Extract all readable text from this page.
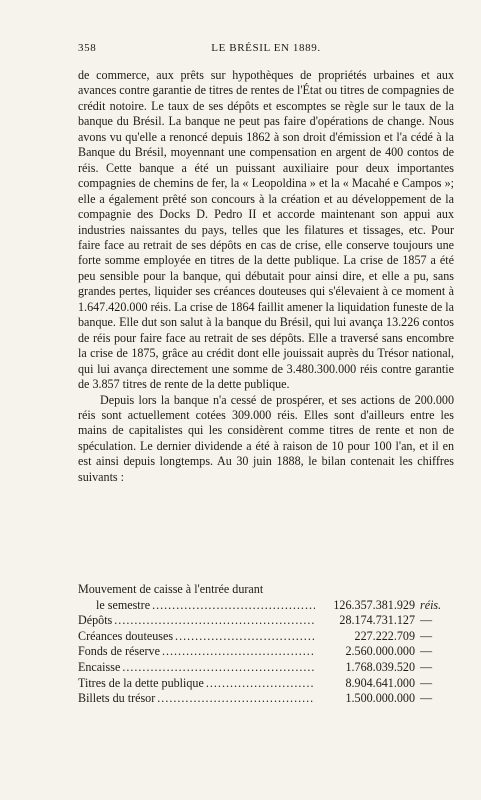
358	LE BRÉSIL EN 1889.

de commerce, aux prêts sur hypothèques de propriétés urbaines et aux avances contre garantie de titres de rentes de l'État ou titres de compagnies de crédit notoire. Le taux de ses dépôts et escomptes se règle sur le taux de la banque du Brésil. La banque ne peut pas faire d'opérations de change. Nous avons vu qu'elle a renoncé depuis 1862 à son droit d'émission et l'a cédé à la Banque du Brésil, moyennant une compensation en argent de 400 contos de réis. Cette banque a été un puissant auxiliaire pour deux importantes compagnies de chemins de fer, la « Leopoldina » et la « Macahé e Campos »; elle a également prêté son concours à la création et au développement de la compagnie des Docks D. Pedro II et accorde maintenant son appui aux industries naissantes du pays, telles que les filatures et tissages, etc. Pour faire face au retrait de ses dépôts en cas de crise, elle conserve toujours une forte somme employée en titres de la dette publique. La crise de 1857 a été peu sensible pour la banque, qui débutait pour ainsi dire, et elle a pu, sans grandes pertes, liquider ses créances douteuses qui s'élevaient à ce moment à 1.647.420.000 réis. La crise de 1864 faillit amener la liquidation funeste de la banque. Elle dut son salut à la banque du Brésil, qui lui avança 13.226 contos de réis pour faire face au retrait de ses dépôts. Elle a traversé sans encombre la crise de 1875, grâce au crédit dont elle jouissait auprès du Trésor national, qui lui avança directement une somme de 3.480.300.000 réis contre garantie de 3.857 titres de rente de la dette publique.

Depuis lors la banque n'a cessé de prospérer, et ses actions de 200.000 réis sont actuellement cotées 309.000 réis. Elles sont d'ailleurs entre les mains de capitalistes qui les considèrent comme titres de rente et non de spéculation. Le dernier dividende a été à raison de 10 pour 100 l'an, et il en est ainsi depuis longtemps. Au 30 juin 1888, le bilan contenait les chiffres suivants :

Mouvement de caisse à l'entrée durant
le semestre .....	126.357.381.929 réis.
Dépôts .....	28.174.731.127 —
Créances douteuses .....	227.222.709 —
Fonds de réserve .....	2.560.000.000 —
Encaisse .....	1.768.039.520 —
Titres de la dette publique .....	8.904.641.000 —
Billets du trésor .....	1.500.000.000 —
